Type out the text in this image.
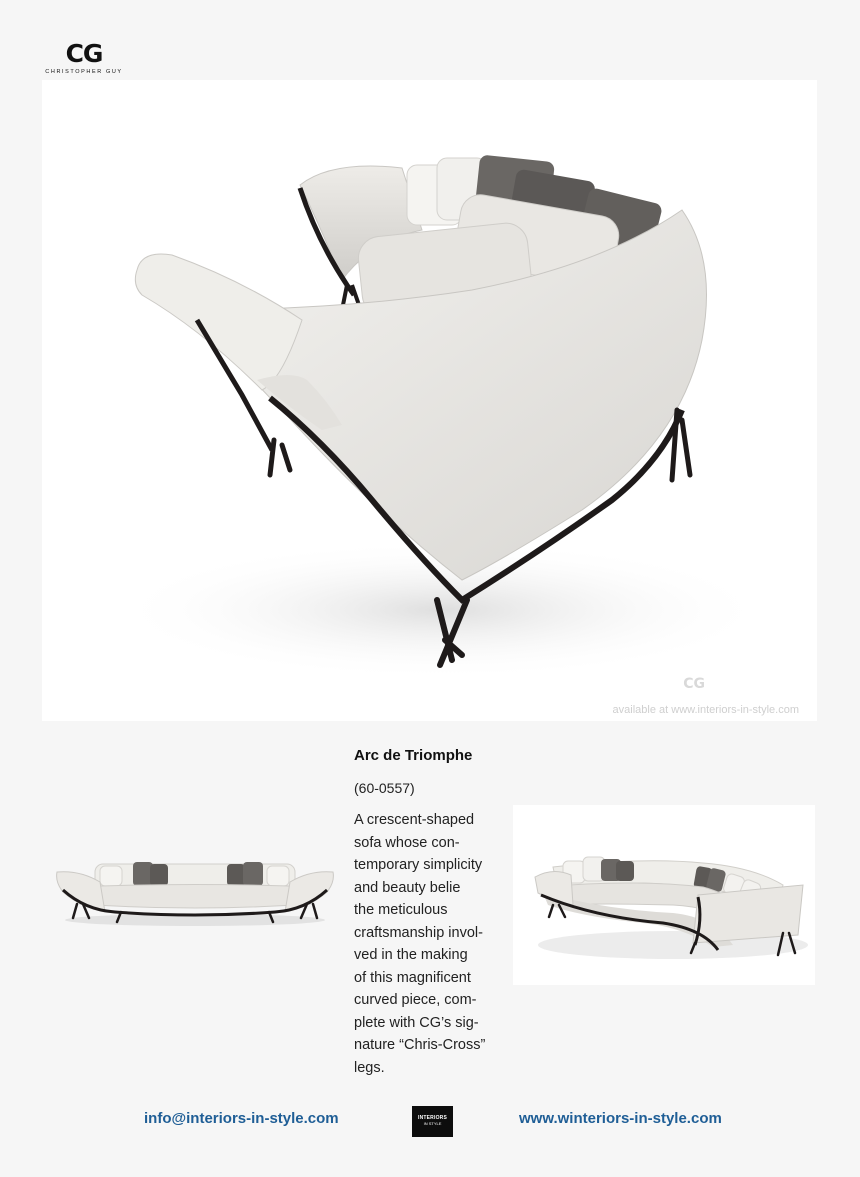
CG
CHRISTOPHER GUY
CG
available at www.interiors-in-style.com
Arc de Triomphe
(60-0557)
A crescent-shaped
sofa whose con-
temporary simplicity
and beauty belie
the meticulous
craftsmanship invol-
ved in the making
of this magnificent
curved piece, com-
plete with CG’s sig-
nature “Chris-Cross”
legs.
info@interiors-in-style.com	INTERIORS
IN STYLE	www.winteriors-in-style.com
